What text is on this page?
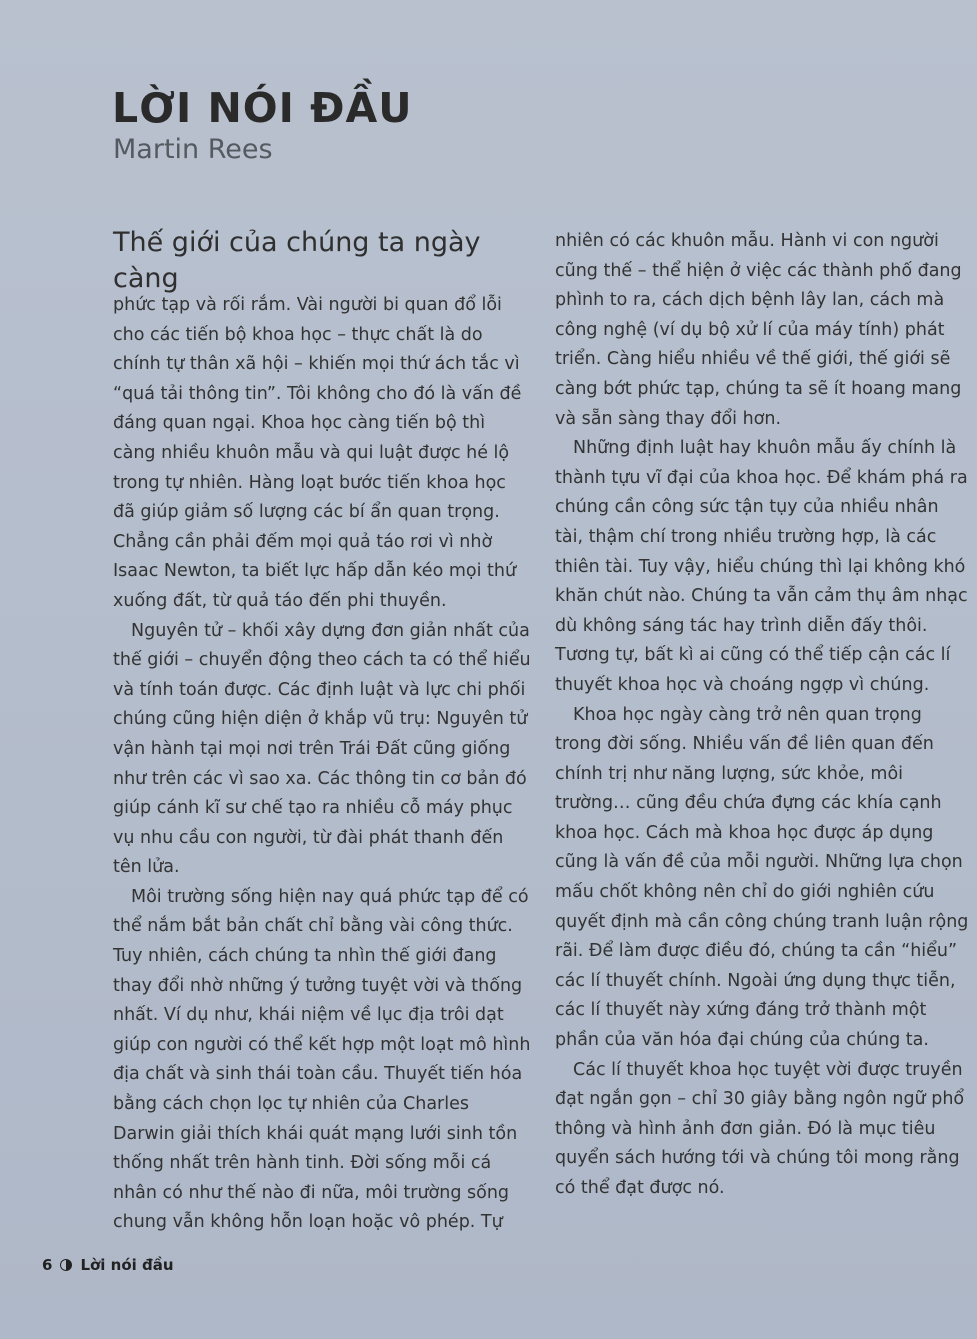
LỜI NÓI ĐẦU
Martin Rees

Thế giới của chúng ta ngày càng
phức tạp và rối rắm. Vài người bi quan đổ lỗi cho các tiến bộ khoa học – thực chất là do chính tự thân xã hội – khiến mọi thứ ách tắc vì “quá tải thông tin”. Tôi không cho đó là vấn đề đáng quan ngại. Khoa học càng tiến bộ thì càng nhiều khuôn mẫu và qui luật được hé lộ trong tự nhiên. Hàng loạt bước tiến khoa học đã giúp giảm số lượng các bí ẩn quan trọng. Chẳng cần phải đếm mọi quả táo rơi vì nhờ Isaac Newton, ta biết lực hấp dẫn kéo mọi thứ xuống đất, từ quả táo đến phi thuyền.

Nguyên tử – khối xây dựng đơn giản nhất của thế giới – chuyển động theo cách ta có thể hiểu và tính toán được. Các định luật và lực chi phối chúng cũng hiện diện ở khắp vũ trụ: Nguyên tử vận hành tại mọi nơi trên Trái Đất cũng giống như trên các vì sao xa. Các thông tin cơ bản đó giúp cánh kĩ sư chế tạo ra nhiều cỗ máy phục vụ nhu cầu con người, từ đài phát thanh đến tên lửa.

Môi trường sống hiện nay quá phức tạp để có thể nắm bắt bản chất chỉ bằng vài công thức. Tuy nhiên, cách chúng ta nhìn thế giới đang thay đổi nhờ những ý tưởng tuyệt vời và thống nhất. Ví dụ như, khái niệm về lục địa trôi dạt giúp con người có thể kết hợp một loạt mô hình địa chất và sinh thái toàn cầu. Thuyết tiến hóa bằng cách chọn lọc tự nhiên của Charles Darwin giải thích khái quát mạng lưới sinh tồn thống nhất trên hành tinh. Đời sống mỗi cá nhân có như thế nào đi nữa, môi trường sống chung vẫn không hỗn loạn hoặc vô phép. Tự

nhiên có các khuôn mẫu. Hành vi con người cũng thế – thể hiện ở việc các thành phố đang phình to ra, cách dịch bệnh lây lan, cách mà công nghệ (ví dụ bộ xử lí của máy tính) phát triển. Càng hiểu nhiều về thế giới, thế giới sẽ càng bớt phức tạp, chúng ta sẽ ít hoang mang và sẵn sàng thay đổi hơn.

Những định luật hay khuôn mẫu ấy chính là thành tựu vĩ đại của khoa học. Để khám phá ra chúng cần công sức tận tụy của nhiều nhân tài, thậm chí trong nhiều trường hợp, là các thiên tài. Tuy vậy, hiểu chúng thì lại không khó khăn chút nào. Chúng ta vẫn cảm thụ âm nhạc dù không sáng tác hay trình diễn đấy thôi. Tương tự, bất kì ai cũng có thể tiếp cận các lí thuyết khoa học và choáng ngợp vì chúng.

Khoa học ngày càng trở nên quan trọng trong đời sống. Nhiều vấn đề liên quan đến chính trị như năng lượng, sức khỏe, môi trường… cũng đều chứa đựng các khía cạnh khoa học. Cách mà khoa học được áp dụng cũng là vấn đề của mỗi người. Những lựa chọn mấu chốt không nên chỉ do giới nghiên cứu quyết định mà cần công chúng tranh luận rộng rãi. Để làm được điều đó, chúng ta cần “hiểu” các lí thuyết chính. Ngoài ứng dụng thực tiễn, các lí thuyết này xứng đáng trở thành một phần của văn hóa đại chúng của chúng ta.

Các lí thuyết khoa học tuyệt vời được truyền đạt ngắn gọn – chỉ 30 giây bằng ngôn ngữ phổ thông và hình ảnh đơn giản. Đó là mục tiêu quyển sách hướng tới và chúng tôi mong rằng có thể đạt được nó.

6 Lời nói đầu
